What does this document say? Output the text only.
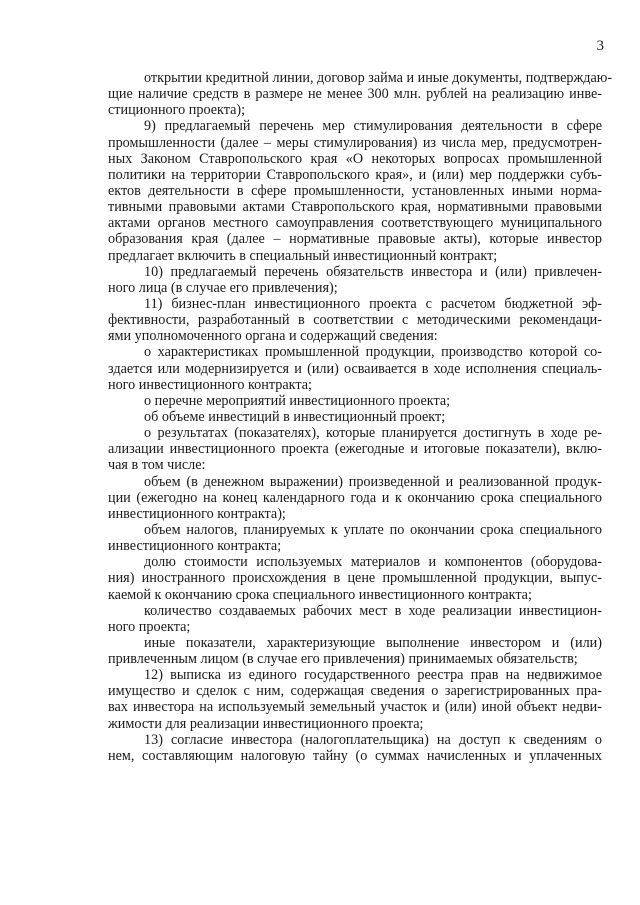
3
открытии кредитной линии, договор займа и иные документы, подтверждаю-
щие наличие средств в размере не менее 300 млн. рублей на реализацию инве-
стиционного проекта);
9) предлагаемый перечень мер стимулирования деятельности в сфере
промышленности (далее – меры стимулирования) из числа мер, предусмотрен-
ных Законом Ставропольского края «О некоторых вопросах промышленной
политики на территории Ставропольского края», и (или) мер поддержки субъ-
ектов деятельности в сфере промышленности, установленных иными норма-
тивными правовыми актами Ставропольского края, нормативными правовыми
актами органов местного самоуправления соответствующего муниципального
образования края (далее – нормативные правовые акты), которые инвестор
предлагает включить в специальный инвестиционный контракт;
10) предлагаемый перечень обязательств инвестора и (или) привлечен-
ного лица (в случае его привлечения);
11) бизнес-план инвестиционного проекта с расчетом бюджетной эф-
фективности, разработанный в соответствии с методическими рекомендаци-
ями уполномоченного органа и содержащий сведения:
о характеристиках промышленной продукции, производство которой со-
здается или модернизируется и (или) осваивается в ходе исполнения специаль-
ного инвестиционного контракта;
о перечне мероприятий инвестиционного проекта;
об объеме инвестиций в инвестиционный проект;
о результатах (показателях), которые планируется достигнуть в ходе ре-
ализации инвестиционного проекта (ежегодные и итоговые показатели), вклю-
чая в том числе:
объем (в денежном выражении) произведенной и реализованной продук-
ции (ежегодно на конец календарного года и к окончанию срока специального
инвестиционного контракта);
объем налогов, планируемых к уплате по окончании срока специального
инвестиционного контракта;
долю стоимости используемых материалов и компонентов (оборудова-
ния) иностранного происхождения в цене промышленной продукции, выпус-
каемой к окончанию срока специального инвестиционного контракта;
количество создаваемых рабочих мест в ходе реализации инвестицион-
ного проекта;
иные показатели, характеризующие выполнение инвестором и (или)
привлеченным лицом (в случае его привлечения) принимаемых обязательств;
12) выписка из единого государственного реестра прав на недвижимое
имущество и сделок с ним, содержащая сведения о зарегистрированных пра-
вах инвестора на используемый земельный участок и (или) иной объект недви-
жимости для реализации инвестиционного проекта;
13) согласие инвестора (налогоплательщика) на доступ к сведениям о
нем, составляющим налоговую тайну (о суммах начисленных и уплаченных
